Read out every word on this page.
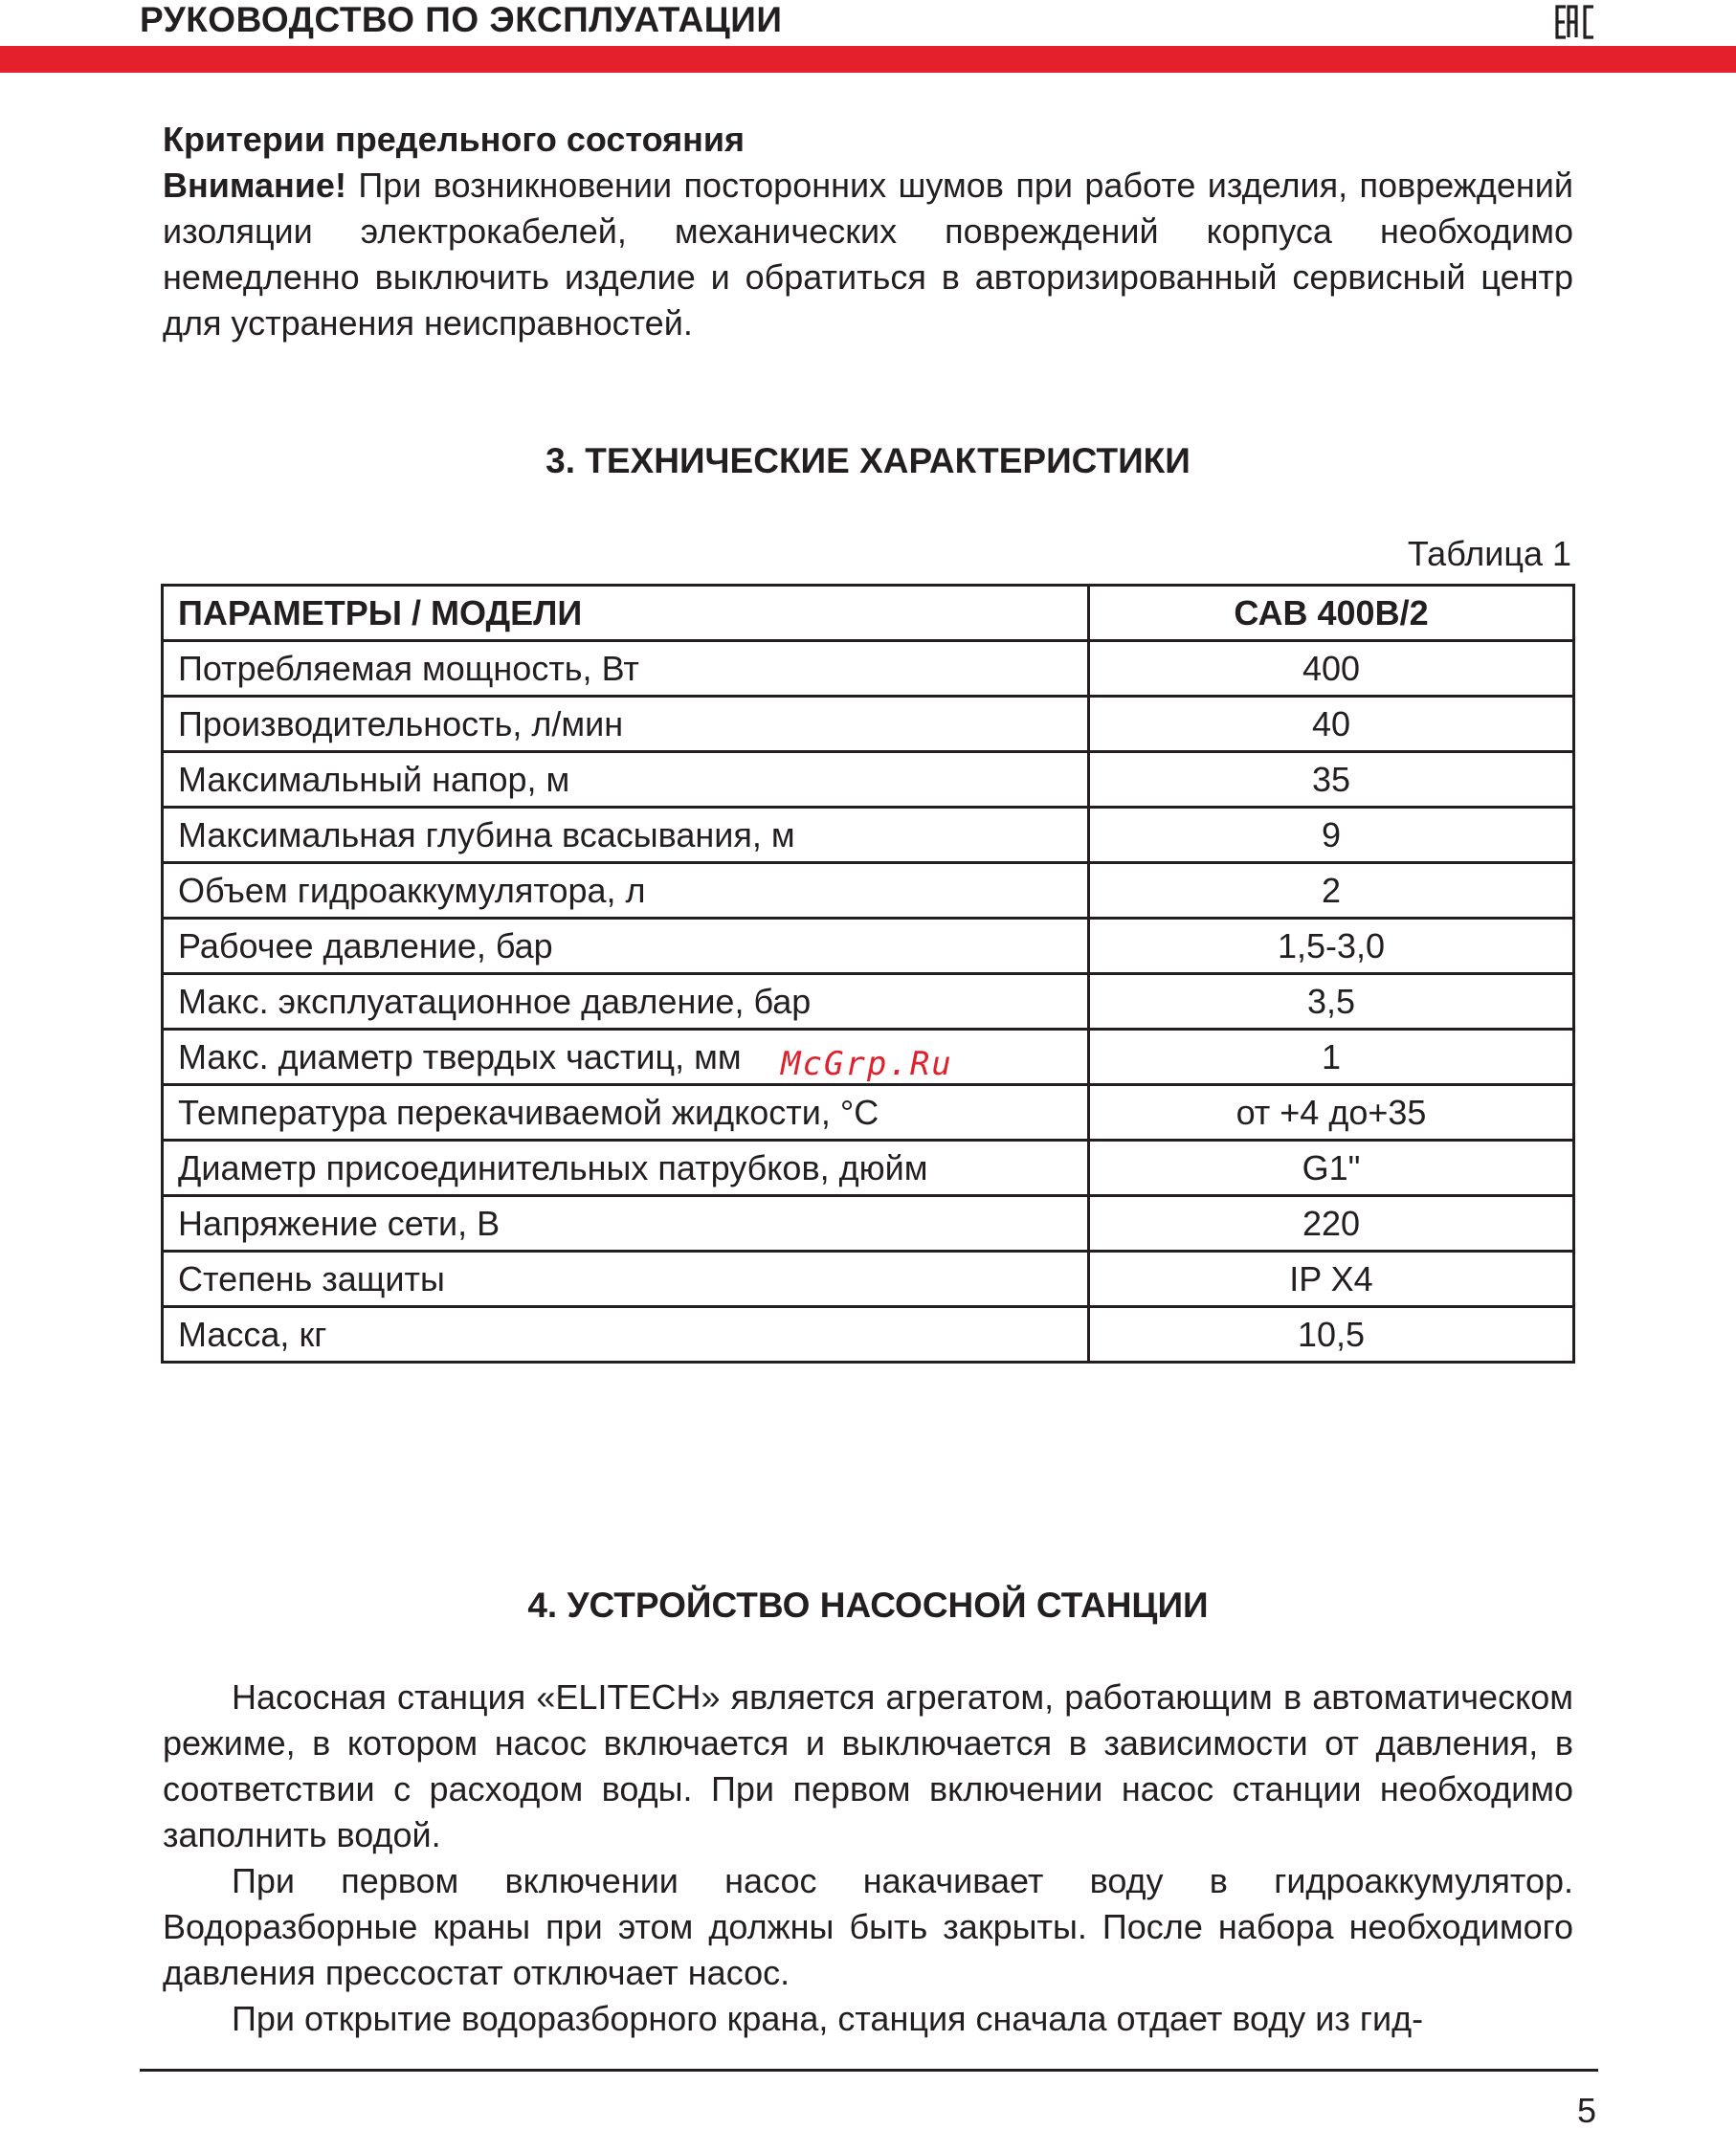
РУКОВОДСТВО ПО ЭКСПЛУАТАЦИИ
Критерии предельного состояния

Внимание! При возникновении посторонних шумов при работе изделия, повреждений изоляции электрокабелей, механических повреждений корпуса необходимо немедленно выключить изделие и обратиться в авторизированный сервисный центр для устранения неисправностей.

3. ТЕХНИЧЕСКИЕ ХАРАКТЕРИСТИКИ
Таблица 1
ПАРАМЕТРЫ / МОДЕЛИ	САВ 400В/2
Потребляемая мощность, Вт	400
Производительность, л/мин	40
Максимальный напор, м	35
Максимальная глубина всасывания, м	9
Объем гидроаккумулятора, л	2
Рабочее давление, бар	1,5-3,0
Макс. эксплуатационное давление, бар	3,5
Макс. диаметр твердых частиц, мм	1
Температура перекачиваемой жидкости, °С	от +4 до+35
Диаметр присоединительных патрубков, дюйм	G1"
Напряжение сети, В	220
Степень защиты	IP X4
Масса, кг	10,5
McGrp.Ru
4. УСТРОЙСТВО НАСОСНОЙ СТАНЦИИ

Насосная станция «ELITECH» является агрегатом, работающим в автоматическом режиме, в котором насос включается и выключается в зависимости от давления, в соответствии с расходом воды. При первом включении насос станции необходимо заполнить водой.

При первом включении насос накачивает воду в гидроаккумулятор. Водоразборные краны при этом должны быть закрыты. После набора необходимого давления прессостат отключает насос.

При открытие водоразборного крана, станция сначала отдает воду из гид-

5
